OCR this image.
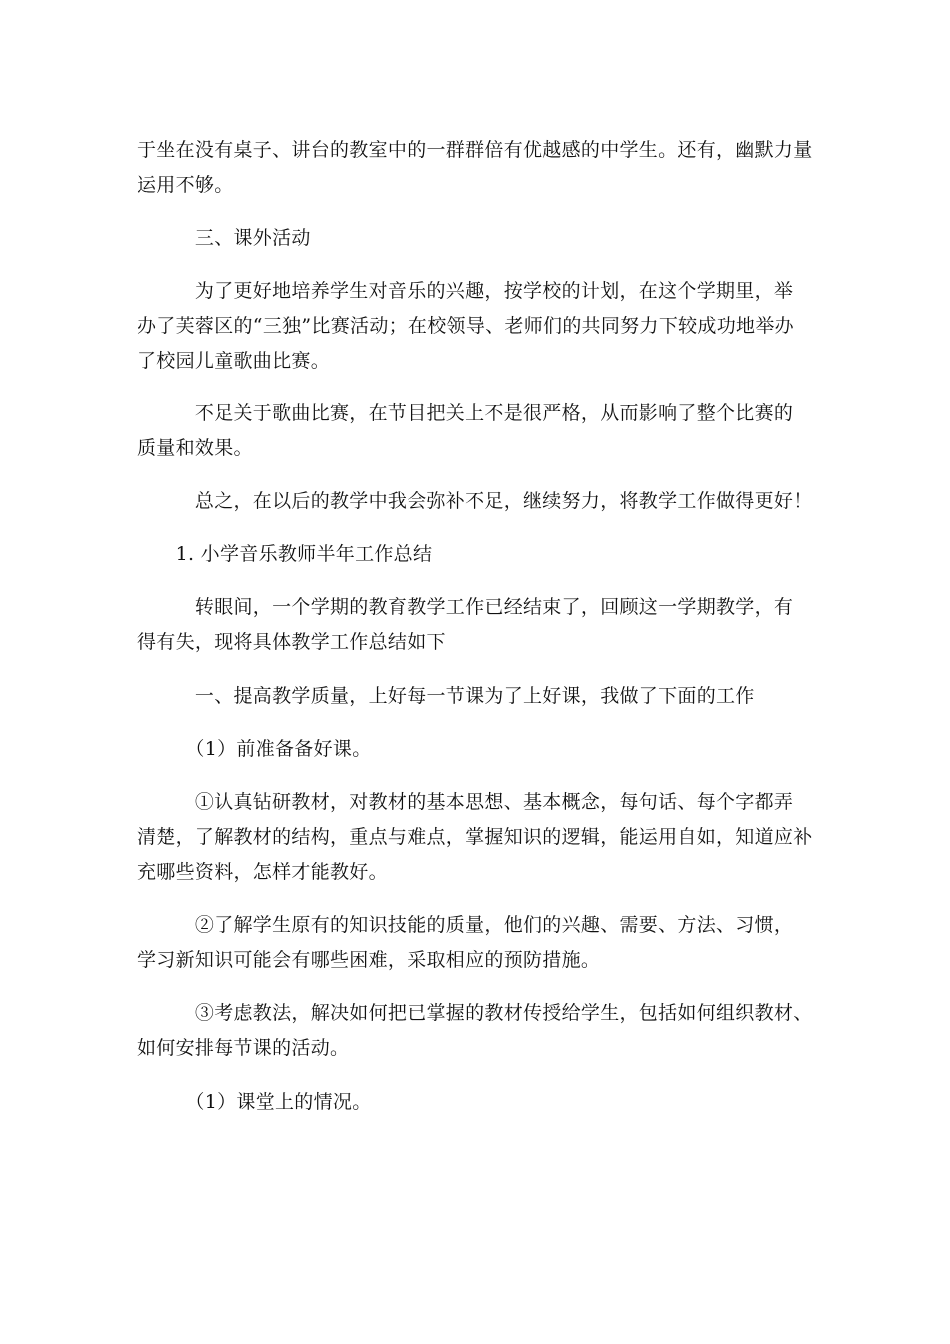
于坐在没有桌子、讲台的教室中的一群群倍有优越感的中学生。还有，幽默力量
运用不够。

　　　三、课外活动

　　　为了更好地培养学生对音乐的兴趣，按学校的计划，在这个学期里，举
办了芙蓉区的“三独”比赛活动；在校领导、老师们的共同努力下较成功地举办
了校园儿童歌曲比赛。

　　　不足关于歌曲比赛，在节目把关上不是很严格，从而影响了整个比赛的
质量和效果。

　　　总之，在以后的教学中我会弥补不足，继续努力，将教学工作做得更好！

　　1. 小学音乐教师半年工作总结

　　　转眼间，一个学期的教育教学工作已经结束了，回顾这一学期教学，有
得有失，现将具体教学工作总结如下

　　　一、提高教学质量，上好每一节课为了上好课，我做了下面的工作

　　　（1）前准备备好课。

　　　①认真钻研教材，对教材的基本思想、基本概念，每句话、每个字都弄
清楚，了解教材的结构，重点与难点，掌握知识的逻辑，能运用自如，知道应补
充哪些资料，怎样才能教好。

　　　②了解学生原有的知识技能的质量，他们的兴趣、需要、方法、习惯，
学习新知识可能会有哪些困难，采取相应的预防措施。

　　　③考虑教法，解决如何把已掌握的教材传授给学生，包括如何组织教材、
如何安排每节课的活动。

　　　（1）课堂上的情况。
